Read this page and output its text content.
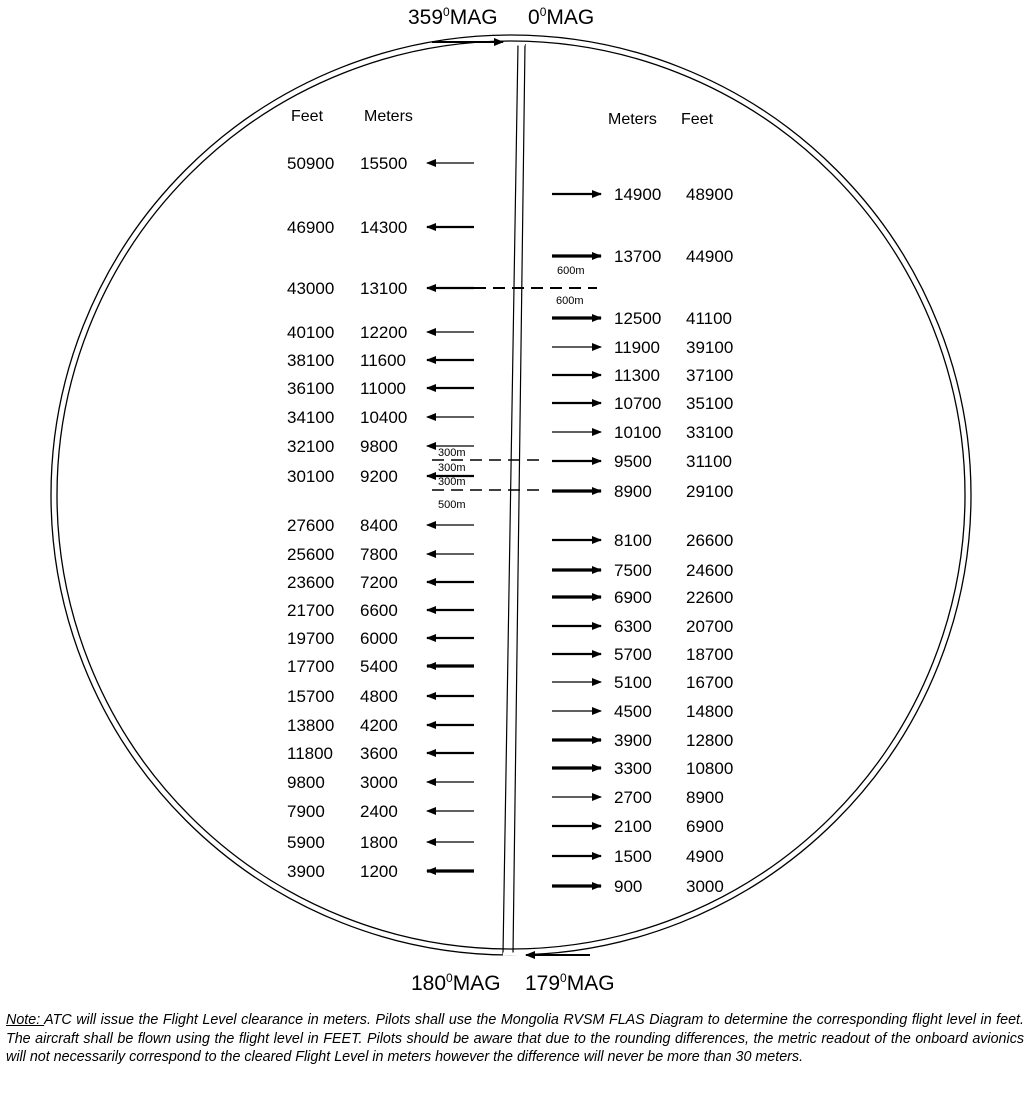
$359^0MAG$ $0^0MAG$
$180^0MAG$ $179^0MAG$
Feet	Meters	Meters Feet
600m
600m
300m
300m
300m
500m
50900 15500
46900 14300
43000 13100
40100 12200
38100 11600
36100 11000
34100 10400
32100 9800
30100 9200
27600 8400
25600 7800
23600 7200
21700 6600
19700 6000
17700 5400
15700 4800
13800 4200
11800 3600
9800 3000
7900 2400
5900 1800
3900 1200
14900 48900
13700 44900
12500 41100
11900 39100
11300 37100
10700 35100
10100 33100
9500 31100
8900 29100
8100 26600
7500 24600
6900 22600
6300 20700
5700 18700
5100 16700
4500 14800
3900 12800
3300 10800
2700 8900
2100 6900
1500 4900
900	3000
Note: ATC will issue the Flight Level clearance in meters. Pilots shall use the Mongolia RVSM FLAS Diagram to determine the corresponding flight level in feet. The aircraft shall be flown using the flight level in FEET. Pilots should be aware that due to the rounding differences, the metric readout of the onboard avionics will not necessarily correspond to the cleared Flight Level in meters however the difference will never be more than 30 meters.
